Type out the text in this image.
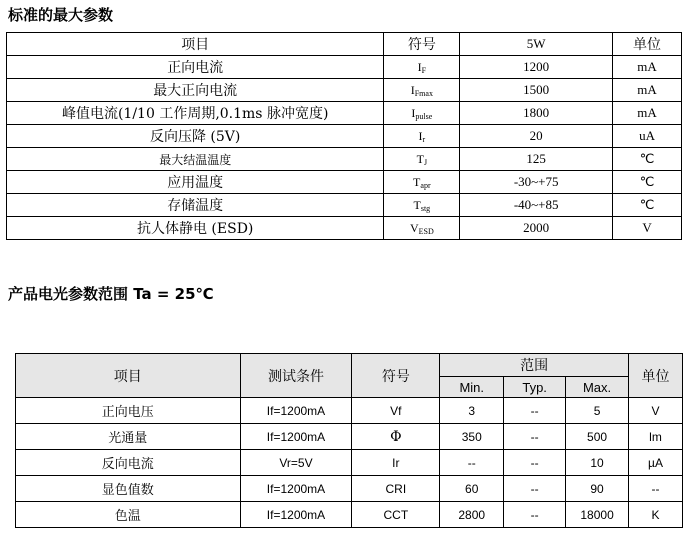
标准的最大参数
项目	符号	5W	单位
正向电流	$I_F$	1200	mA
最大正向电流	$I_{Fmax}$	1500	mA
峰值电流(1/10 工作周期,0.1ms 脉冲宽度)	$I_{pulse}$	1800	mA
反向压降 (5V)	$I_r$	20	uA
最大结温温度	$T_J$	125	℃
应用温度	$T_{apr}$	-30~+75	℃
存储温度	$T_{stg}$	-40~+85	℃
抗人体静电 (ESD)	$V_{ESD}$	2000	V
产品电光参数范围 Ta = 25℃
项目	测试条件	符号	范围			单位
			Min.	Typ.	Max.	
正向电压	If=1200mA	Vf	3	--	5	V
光通量	If=1200mA	Φ	350	--	500	lm
反向电流	Vr=5V	Ir	--	--	10	µA
显色值数	If=1200mA	CRI	60	--	90	--
色温	If=1200mA	CCT	2800	--	18000	K
